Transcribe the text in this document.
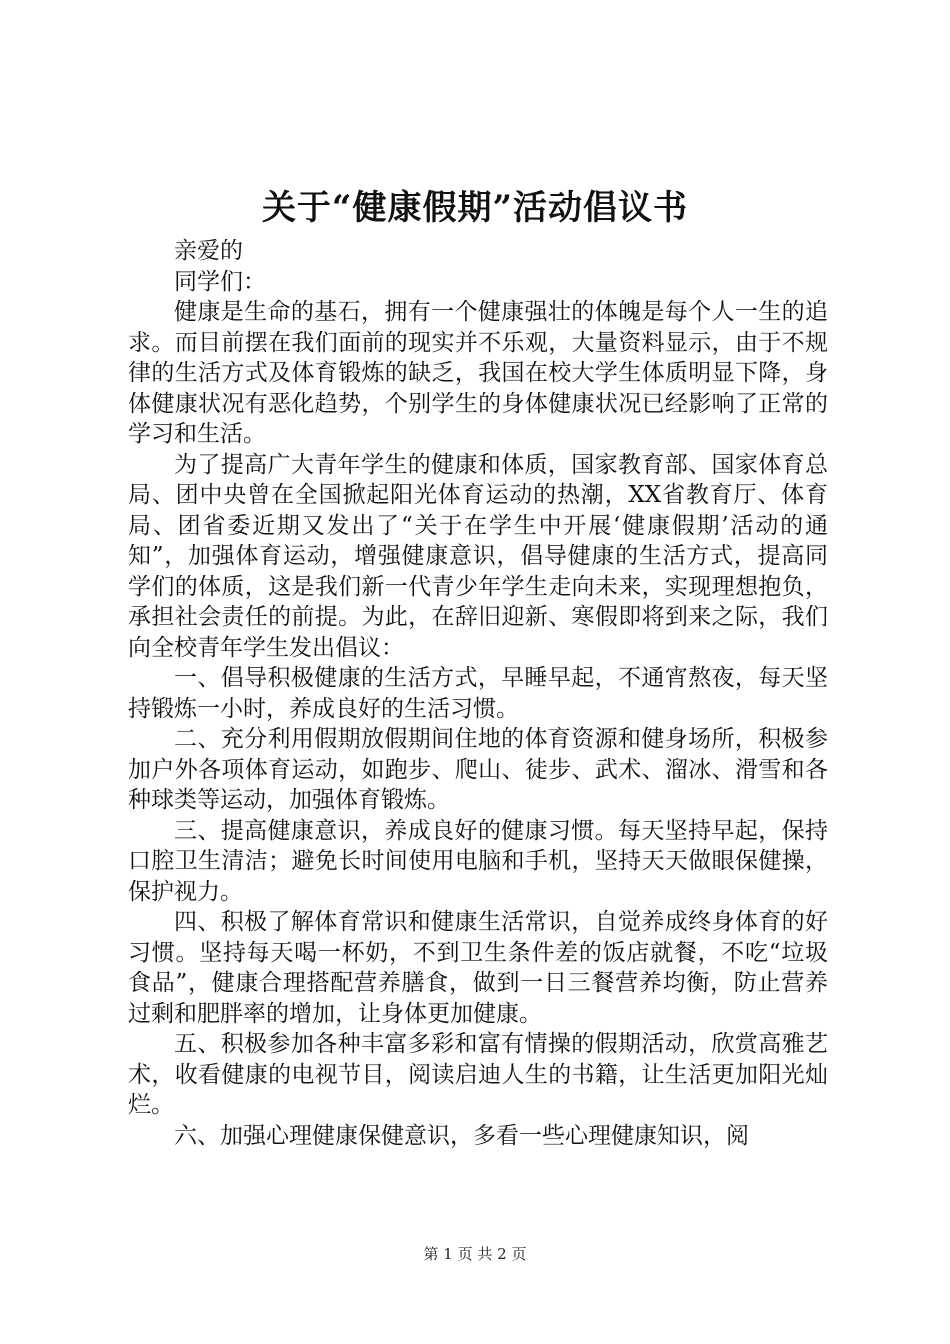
关于“健康假期”活动倡议书

亲爱的

同学们：

健康是生命的基石，拥有一个健康强壮的体魄是每个人一生的追求。而目前摆在我们面前的现实并不乐观，大量资料显示，由于不规律的生活方式及体育锻炼的缺乏，我国在校大学生体质明显下降，身体健康状况有恶化趋势，个别学生的身体健康状况已经影响了正常的学习和生活。

为了提高广大青年学生的健康和体质，国家教育部、国家体育总局、团中央曾在全国掀起阳光体育运动的热潮，XX省教育厅、体育局、团省委近期又发出了“关于在学生中开展‘健康假期’活动的通知”，加强体育运动，增强健康意识，倡导健康的生活方式，提高同学们的体质，这是我们新一代青少年学生走向未来，实现理想抱负，承担社会责任的前提。为此，在辞旧迎新、寒假即将到来之际，我们向全校青年学生发出倡议：

一、倡导积极健康的生活方式，早睡早起，不通宵熬夜，每天坚持锻炼一小时，养成良好的生活习惯。

二、充分利用假期放假期间住地的体育资源和健身场所，积极参加户外各项体育运动，如跑步、爬山、徒步、武术、溜冰、滑雪和各种球类等运动，加强体育锻炼。

三、提高健康意识，养成良好的健康习惯。每天坚持早起，保持口腔卫生清洁；避免长时间使用电脑和手机，坚持天天做眼保健操，保护视力。

四、积极了解体育常识和健康生活常识，自觉养成终身体育的好习惯。坚持每天喝一杯奶，不到卫生条件差的饭店就餐，不吃“垃圾食品”，健康合理搭配营养膳食，做到一日三餐营养均衡，防止营养过剩和肥胖率的增加，让身体更加健康。

五、积极参加各种丰富多彩和富有情操的假期活动，欣赏高雅艺术，收看健康的电视节目，阅读启迪人生的书籍，让生活更加阳光灿烂。

六、加强心理健康保健意识，多看一些心理健康知识，阅

第 1 页 共 2 页
